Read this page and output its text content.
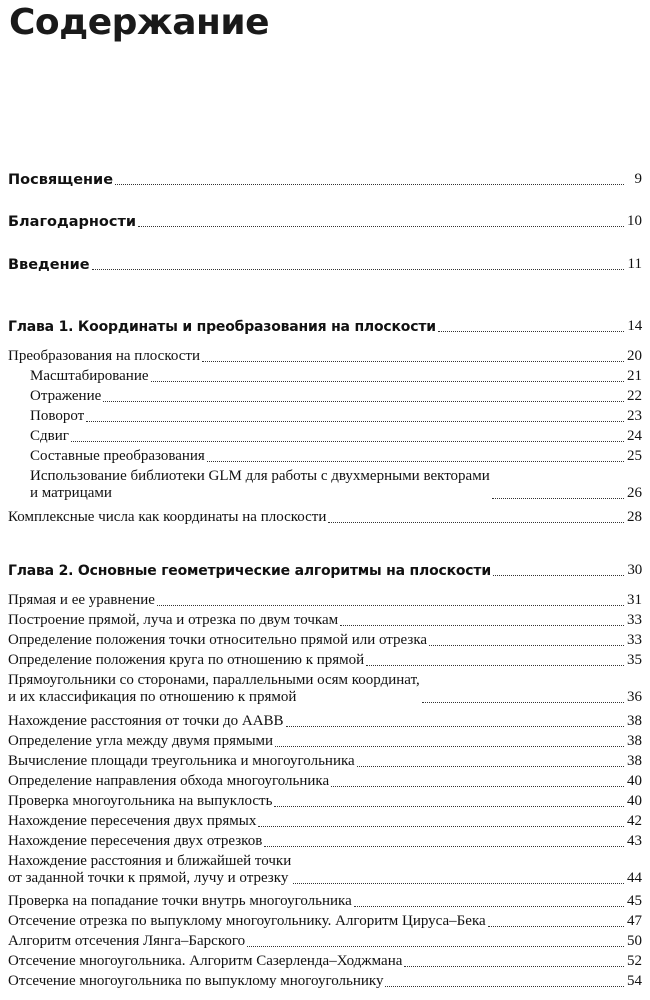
Содержание
Посвящение	9
Благодарности	10
Введение	11
Глава 1. Координаты и преобразования на плоскости	14
Преобразования на плоскости	20
Масштабирование	21
Отражение	22
Поворот	23
Сдвиг	24
Составные преобразования	25
Использование библиотеки GLM для работы с двухмерными векторами
и матрицами	26
Комплексные числа как координаты на плоскости	28
Глава 2. Основные геометрические алгоритмы на плоскости	30
Прямая и ее уравнение	31
Построение прямой, луча и отрезка по двум точкам	33
Определение положения точки относительно прямой или отрезка	33
Определение положения круга по отношению к прямой	35
Прямоугольники со сторонами, параллельными осям координат,
и их классификация по отношению к прямой	36
Нахождение расстояния от точки до AABB	38
Определение угла между двумя прямыми	38
Вычисление площади треугольника и многоугольника	38
Определение направления обхода многоугольника	40
Проверка многоугольника на выпуклость	40
Нахождение пересечения двух прямых	42
Нахождение пересечения двух отрезков	43
Нахождение расстояния и ближайшей точки
от заданной точки к прямой, лучу и отрезку	44
Проверка на попадание точки внутрь многоугольника	45
Отсечение отрезка по выпуклому многоугольнику. Алгоритм Цируса–Бека	47
Алгоритм отсечения Лянга–Барского	50
Отсечение многоугольника. Алгоритм Сазерленда–Ходжмана	52
Отсечение многоугольника по выпуклому многоугольнику	54
